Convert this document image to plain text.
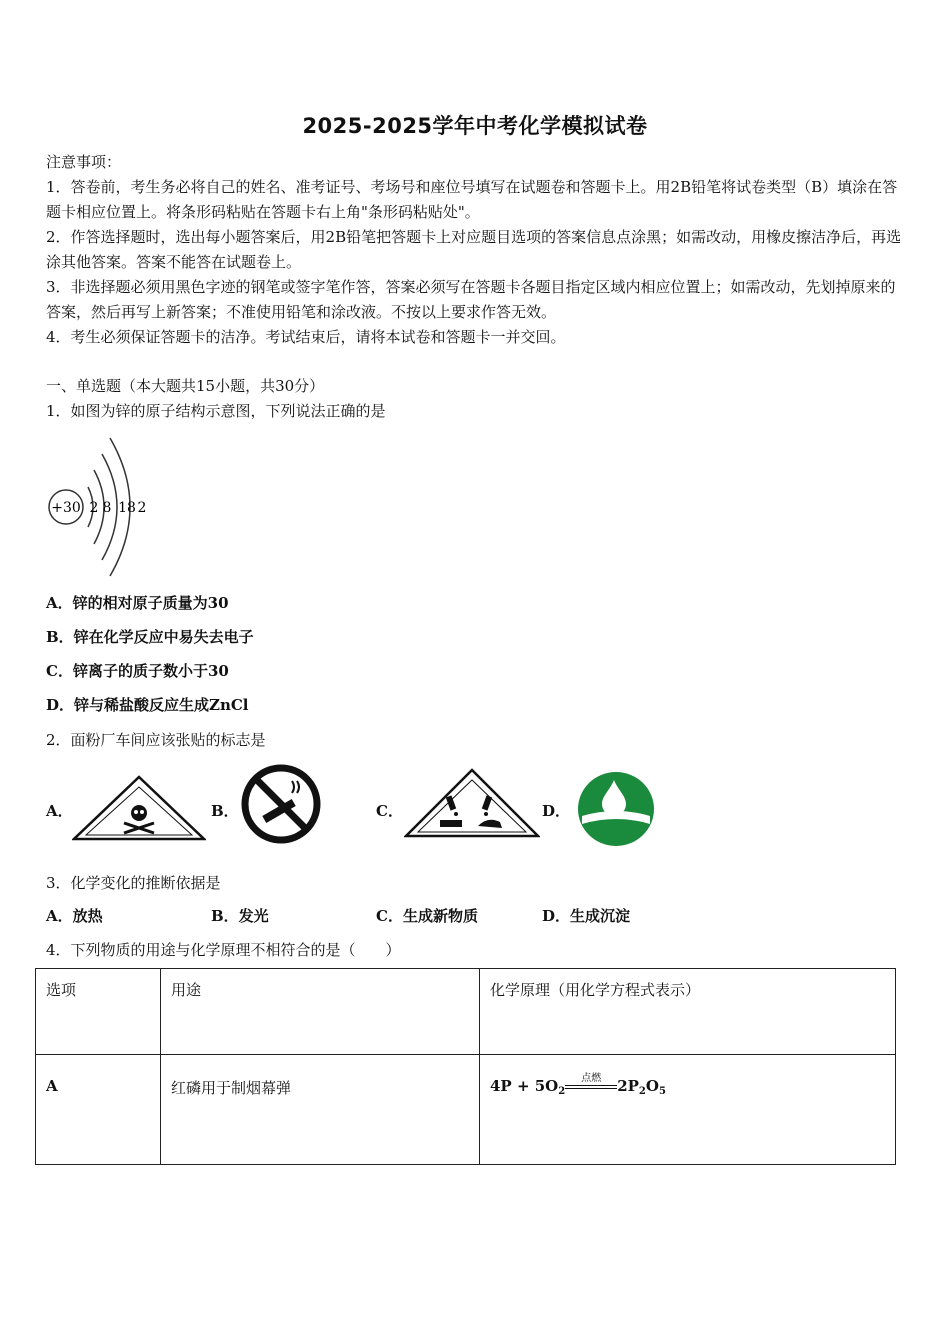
2025-2025学年中考化学模拟试卷

注意事项：

1．答卷前，考生务必将自己的姓名、准考证号、考场号和座位号填写在试题卷和答题卡上。用2B铅笔将试卷类型（B）填涂在答题卡相应位置上。将条形码粘贴在答题卡右上角"条形码粘贴处"。

2．作答选择题时，选出每小题答案后，用2B铅笔把答题卡上对应题目选项的答案信息点涂黑；如需改动，用橡皮擦洁净后，再选涂其他答案。答案不能答在试题卷上。

3．非选择题必须用黑色字迹的钢笔或签字笔作答，答案必须写在答题卡各题目指定区域内相应位置上；如需改动，先划掉原来的答案，然后再写上新答案；不准使用铅笔和涂改液。不按以上要求作答无效。

4．考生必须保证答题卡的洁净。考试结束后，请将本试卷和答题卡一并交回。

一、单选题（本大题共15小题，共30分）
1．如图为锌的原子结构示意图，下列说法正确的是
+30 2 8 18 2
A．锌的相对原子质量为30
B．锌在化学反应中易失去电子
C．锌离子的质子数小于30
D．锌与稀盐酸反应生成ZnCl
2．面粉厂车间应该张贴的标志是
A．	B．	C．	D．
3．化学变化的推断依据是
A．放热	B．发光	C．生成新物质	D．生成沉淀
4．下列物质的用途与化学原理不相符合的是（　　）
选项	用途	化学原理（用化学方程式表示）
A	红磷用于制烟幕弹	$4P + 5O_2$
点燃 $2P_2O_5$
